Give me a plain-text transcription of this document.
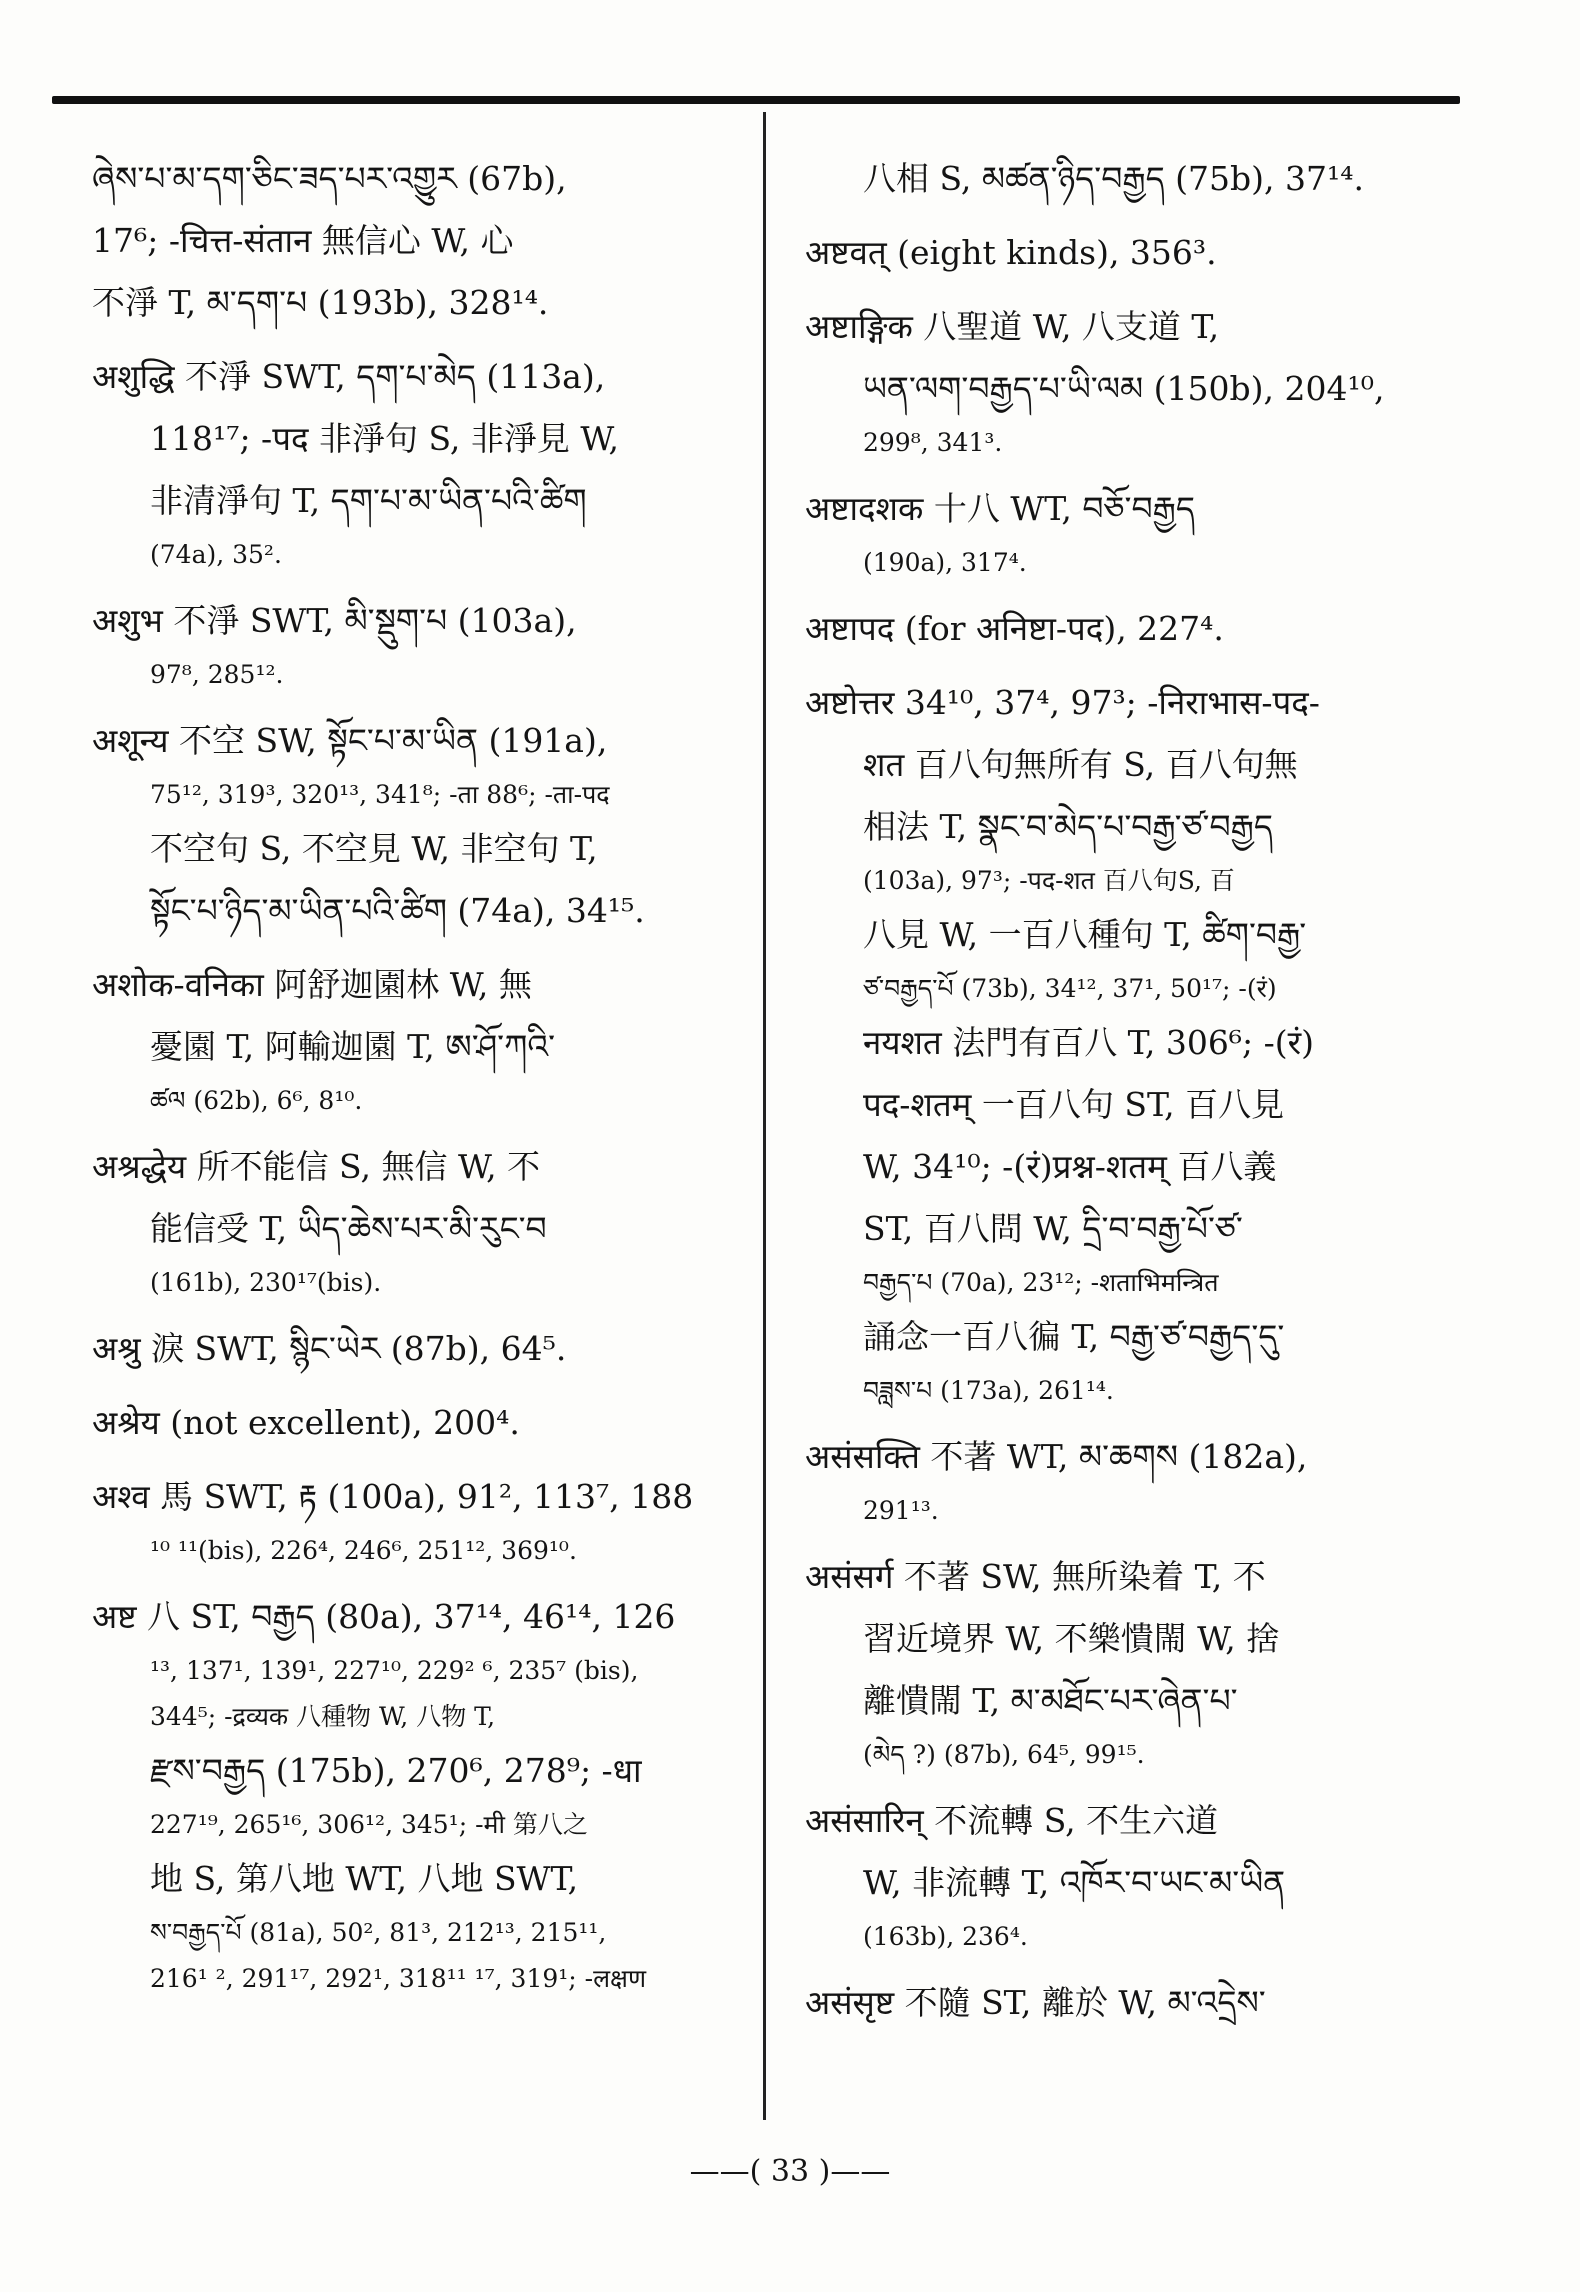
ཞེས་པ་མ་དག་ཅིང་ཟད་པར་འགྱུར (67b),
17⁶; -चित्त-संतान 無信心 W, 心
不淨 T, མ་དག་པ (193b), 328¹⁴.
अशुद्धि 不淨 SWT, དག་པ་མེད (113a),
118¹⁷; -पद 非淨句 S, 非淨見 W,
非清淨句 T, དག་པ་མ་ཡིན་པའི་ཚིག
(74a), 35².
अशुभ 不淨 SWT, མི་སྡུག་པ (103a),
97⁸, 285¹².
अशून्य 不空 SW, སྟོང་པ་མ་ཡིན (191a),
75¹², 319³, 320¹³, 341⁸; -ता 88⁶; -ता-पद
不空句 S, 不空見 W, 非空句 T,
སྟོང་པ་ཉིད་མ་ཡིན་པའི་ཚིག (74a), 34¹⁵.
अशोक-वनिका 阿舒迦園林 W, 無
憂園 T, 阿輸迦園 T, ཨ་ཤོ་ཀའི་
ཚལ (62b), 6⁶, 8¹⁰.
अश्रद्धेय 所不能信 S, 無信 W, 不
能信受 T, ཡིད་ཆེས་པར་མི་རུང་བ
(161b), 230¹⁷(bis).
अश्रु 淚 SWT, སྙིང་ཡེར (87b), 64⁵.
अश्रेय (not excellent), 200⁴.
अश्व 馬 SWT, རྟ (100a), 91², 113⁷, 188
¹⁰ ¹¹(bis), 226⁴, 246⁶, 251¹², 369¹⁰.
अष्ट 八 ST, བརྒྱད (80a), 37¹⁴, 46¹⁴, 126
¹³, 137¹, 139¹, 227¹⁰, 229² ⁶, 235⁷ (bis),
344⁵; -द्रव्यक 八種物 W, 八物 T,
རྫས་བརྒྱད (175b), 270⁶, 278⁹; -धा
227¹⁹, 265¹⁶, 306¹², 345¹; -मी 第八之
地 S, 第八地 WT, 八地 SWT,
ས་བརྒྱད་པོ (81a), 50², 81³, 212¹³, 215¹¹,
216¹ ², 291¹⁷, 292¹, 318¹¹ ¹⁷, 319¹; -लक्षण
八相 S, མཚན་ཉིད་བརྒྱད (75b), 37¹⁴.
अष्टवत् (eight kinds), 356³.
अष्टाङ्गिक 八聖道 W, 八支道 T,
ཡན་ལག་བརྒྱད་པ་ཡི་ལམ (150b), 204¹⁰,
299⁸, 341³.
अष्टादशक 十八 WT, བཅོ་བརྒྱད
(190a), 317⁴.
अष्टापद (for अनिष्टा-पद), 227⁴.
अष्टोत्तर 34¹⁰, 37⁴, 97³; -निराभास-पद-
शत 百八句無所有 S, 百八句無
相法 T, སྣང་བ་མེད་པ་བརྒྱ་ཙ་བརྒྱད
(103a), 97³; -पद-शत 百八句S, 百
八見 W, 一百八種句 T, ཚིག་བརྒྱ་
ཙ་བརྒྱད་པོ (73b), 34¹², 37¹, 50¹⁷; -(रं)
नयशत 法門有百八 T, 306⁶; -(रं)
पद-शतम् 一百八句 ST, 百八見
W, 34¹⁰; -(रं)प्रश्न-शतम् 百八義
ST, 百八問 W, དྲི་བ་བརྒྱ་པོ་ཙ་
བརྒྱད་པ (70a), 23¹²; -शताभिमन्त्रित
誦念一百八徧 T, བརྒྱ་ཙ་བརྒྱད་དུ་
བཟླས་པ (173a), 261¹⁴.
असंसक्ति 不著 WT, མ་ཆགས (182a),
291¹³.
असंसर्ग 不著 SW, 無所染着 T, 不
習近境界 W, 不樂憒閙 W, 捨
離憒閙 T, མ་མཐོང་པར་ཞེན་པ་
(མེད ?) (87b), 64⁵, 99¹⁵.
असंसारिन् 不流轉 S, 不生六道
W, 非流轉 T, འཁོར་བ་ཡང་མ་ཡིན
(163b), 236⁴.
असंसृष्ट 不隨 ST, 離於 W, མ་འདྲེས་
——( 33 )——
